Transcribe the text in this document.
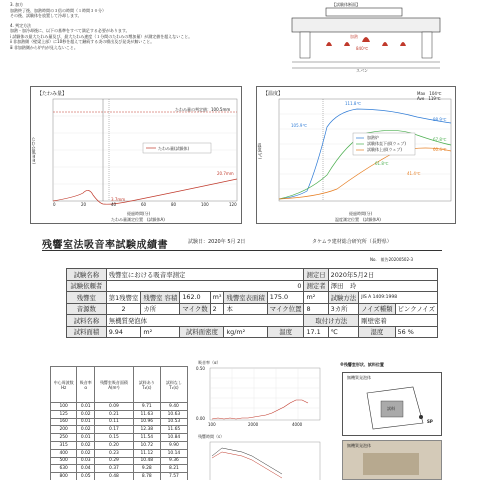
3. 加方
加熱終了後、加熱時間の３倍の時間（１時間３０分）
その後、試験体を放置して冷却します。
4. 判定方法
加熱・加冷却後に、以下の基準をすべて満足する必要があります。
ⅰ 試験体の最大たわみ量及び、最大たわみ速度（１分間のたわみの増加量）が測定値を超えないこと。
ⅱ 非加熱側（壁梁上部）に10秒を超えて継続する炎の噴出及び発炎が無いこと。
ⅲ 非加熱側から炉内が見えないこと。
【試験体断面】
加熱
840℃
スパン
【たわみ量】
たわみ量の判定値：100.5mm
たわみ量(試験体)
20.7mm
3.7mm
たわみ量(mm)
経過時間(分)
たわみ量測定位置　(試験体A)
0	20	40	60	80	100	120
【温度】
加熱炉
試験体直下部(ウェブ)
試験体上部(ウェブ)
111.8℃
105.9℃
98.9℃
67.8℃
61.8℃
60.4℃
41.4℃
Max　104℃
Ave　119℃
温度(℃)
経過時間(分)
温度測定位置　(試験体A)
残響室法吸音率試験成績書	試験日：2020年 5月 2日	タケムラ建材総合研究所（長野県）
No.　報告20200502-3
試験名称	残響室における吸音率測定						測定日	2020年5月2日		
試験依頼者	0						測定者	澤田　玲		
残響室	第1残響室	残響室 容積	162.0	m³	残響室表面積	175.0	m²	試験方法	JIS A 1409:1998	
音源数	2	カ所	マイク数	2	本	マイク位置	8	3カ所	ノイズ種類	ピンクノイズ
試料名称	無機質発泡体						取付け方法		剛壁密着	
試料面積	9.94	m²	試料面密度		kg/m²	温度	17.1	℃	湿度	56 %
中心周波数 Hz	吸音率 α	残響室吸音面積 A(m²)	試料あり T₂(s)	試料なし T₁(s)
100	0.01	0.09	9.71	9.40
125	0.02	0.21	11.63	10.63
160	0.01	0.11	10.96	10.53
200	0.02	0.17	12.38	11.65
250	0.01	0.15	11.54	10.84
315	0.02	0.20	10.72	9.90
400	0.02	0.23	11.12	10.14
500	0.03	0.29	10.48	9.36
630	0.04	0.37	9.28	8.21
800	0.05	0.48	8.78	7.57
吸音率（α）
0.50
0.00
100	2000	4000
残響時間（s）
※残響室形状、試料位置
無機質発泡体
試料
SP
無機質発泡体
